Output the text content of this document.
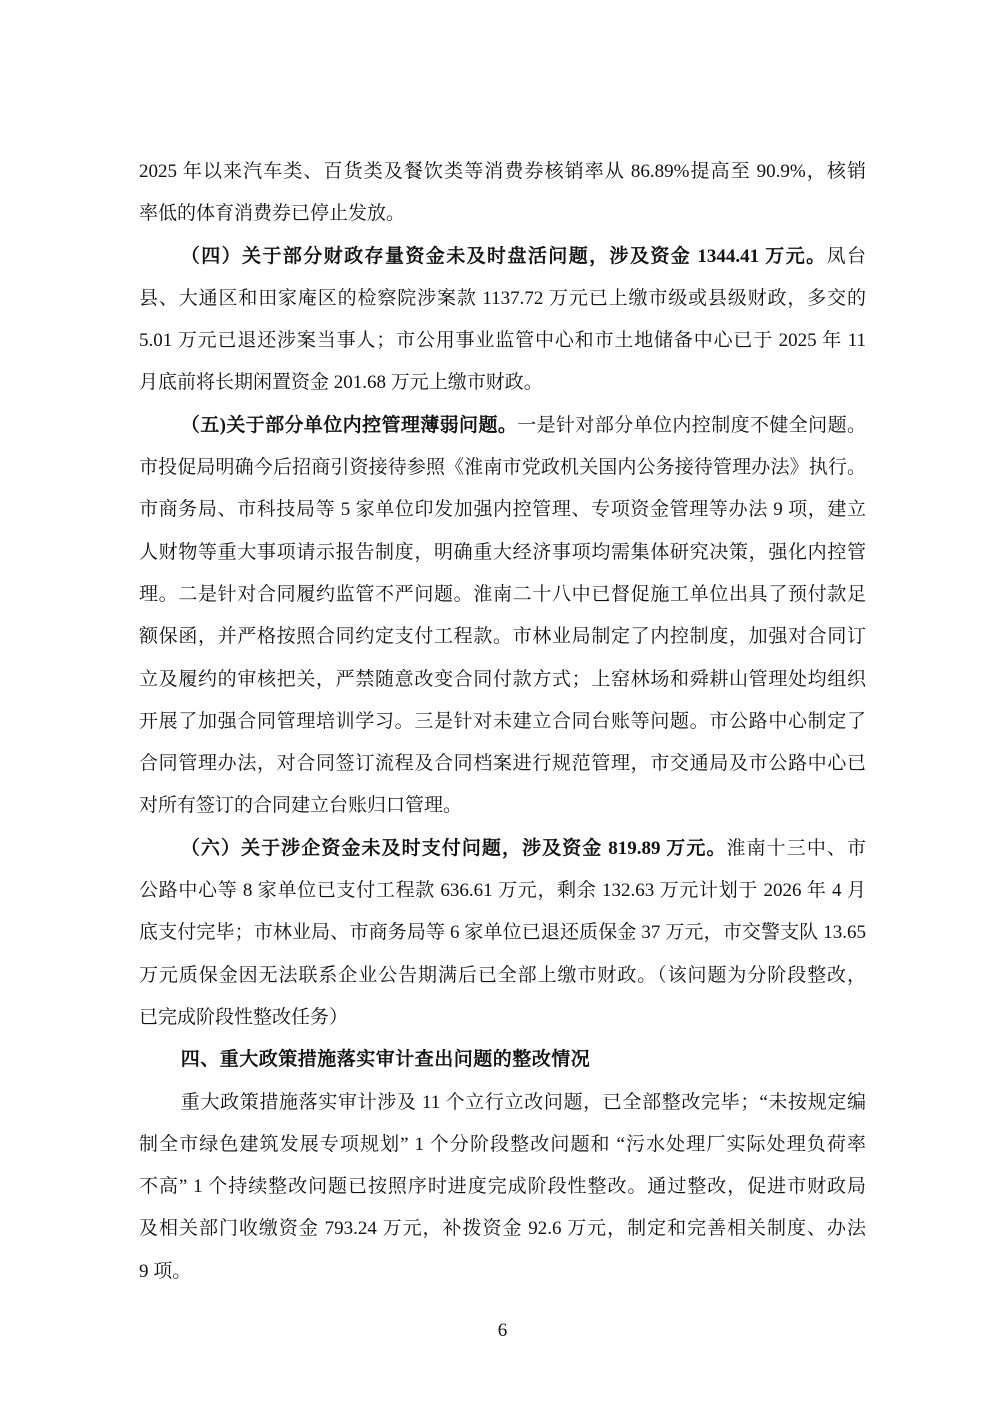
2025 年以来汽车类、百货类及餐饮类等消费券核销率从 86.89%提高至 90.9%，核销
率低的体育消费券已停止发放。
（四）关于部分财政存量资金未及时盘活问题，涉及资金 1344.41 万元。凤台
县、大通区和田家庵区的检察院涉案款 1137.72 万元已上缴市级或县级财政，多交的
5.01 万元已退还涉案当事人；市公用事业监管中心和市土地储备中心已于 2025 年 11
月底前将长期闲置资金 201.68 万元上缴市财政。
（五)关于部分单位内控管理薄弱问题。一是针对部分单位内控制度不健全问题。
市投促局明确今后招商引资接待参照《淮南市党政机关国内公务接待管理办法》执行。
市商务局、市科技局等 5 家单位印发加强内控管理、专项资金管理等办法 9 项，建立
人财物等重大事项请示报告制度，明确重大经济事项均需集体研究决策，强化内控管
理。二是针对合同履约监管不严问题。淮南二十八中已督促施工单位出具了预付款足
额保函，并严格按照合同约定支付工程款。市林业局制定了内控制度，加强对合同订
立及履约的审核把关，严禁随意改变合同付款方式；上窑林场和舜耕山管理处均组织
开展了加强合同管理培训学习。三是针对未建立合同台账等问题。市公路中心制定了
合同管理办法，对合同签订流程及合同档案进行规范管理，市交通局及市公路中心已
对所有签订的合同建立台账归口管理。
（六）关于涉企资金未及时支付问题，涉及资金 819.89 万元。淮南十三中、市
公路中心等 8 家单位已支付工程款 636.61 万元，剩余 132.63 万元计划于 2026 年 4 月
底支付完毕；市林业局、市商务局等 6 家单位已退还质保金 37 万元，市交警支队 13.65
万元质保金因无法联系企业公告期满后已全部上缴市财政。（该问题为分阶段整改，
已完成阶段性整改任务）
四、重大政策措施落实审计查出问题的整改情况
重大政策措施落实审计涉及 11 个立行立改问题，已全部整改完毕；“未按规定编
制全市绿色建筑发展专项规划” 1 个分阶段整改问题和 “污水处理厂实际处理负荷率
不高” 1 个持续整改问题已按照序时进度完成阶段性整改。通过整改，促进市财政局
及相关部门收缴资金 793.24 万元，补拨资金 92.6 万元，制定和完善相关制度、办法
9 项。
6
